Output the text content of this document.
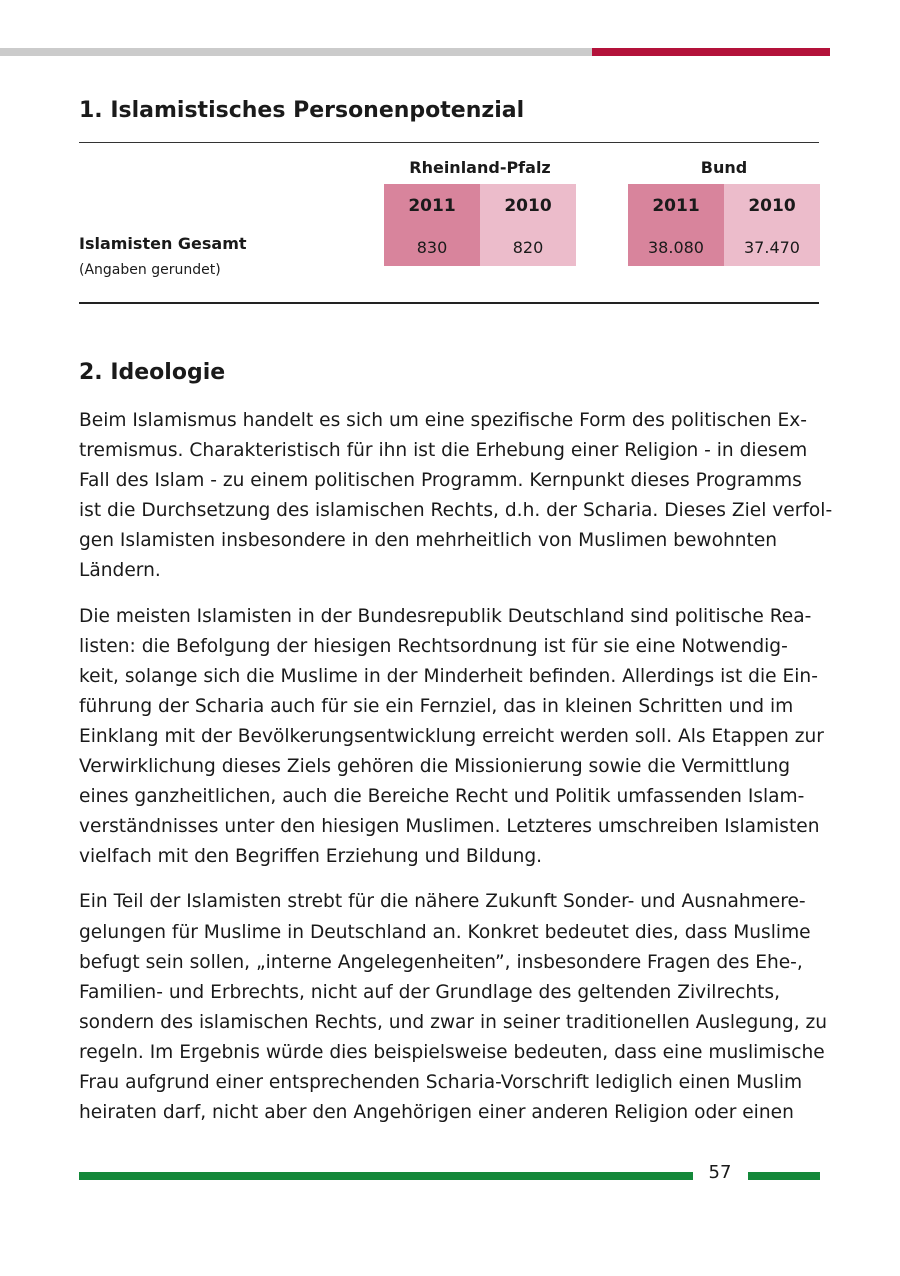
1. Islamistisches Personenpotenzial
Rheinland-Pfalz	Bund
2011	2010	2011	2010
Islamisten Gesamt	830	820	38.080	37.470
(Angaben gerundet)
2. Ideologie

Beim Islamismus handelt es sich um eine spezifische Form des politischen Ex-
tremismus. Charakteristisch für ihn ist die Erhebung einer Religion - in diesem
Fall des Islam - zu einem politischen Programm. Kernpunkt dieses Programms
ist die Durchsetzung des islamischen Rechts, d.h. der Scharia. Dieses Ziel verfol-
gen Islamisten insbesondere in den mehrheitlich von Muslimen bewohnten
Ländern.

Die meisten Islamisten in der Bundesrepublik Deutschland sind politische Rea-
listen: die Befolgung der hiesigen Rechtsordnung ist für sie eine Notwendig-
keit, solange sich die Muslime in der Minderheit befinden. Allerdings ist die Ein-
führung der Scharia auch für sie ein Fernziel, das in kleinen Schritten und im
Einklang mit der Bevölkerungsentwicklung erreicht werden soll. Als Etappen zur
Verwirklichung dieses Ziels gehören die Missionierung sowie die Vermittlung
eines ganzheitlichen, auch die Bereiche Recht und Politik umfassenden Islam-
verständnisses unter den hiesigen Muslimen. Letzteres umschreiben Islamisten
vielfach mit den Begriffen Erziehung und Bildung.

Ein Teil der Islamisten strebt für die nähere Zukunft Sonder- und Ausnahmere-
gelungen für Muslime in Deutschland an. Konkret bedeutet dies, dass Muslime
befugt sein sollen, „interne Angelegenheiten”, insbesondere Fragen des Ehe-,
Familien- und Erbrechts, nicht auf der Grundlage des geltenden Zivilrechts,
sondern des islamischen Rechts, und zwar in seiner traditionellen Auslegung, zu
regeln. Im Ergebnis würde dies beispielsweise bedeuten, dass eine muslimische
Frau aufgrund einer entsprechenden Scharia-Vorschrift lediglich einen Muslim
heiraten darf, nicht aber den Angehörigen einer anderen Religion oder einen

57
